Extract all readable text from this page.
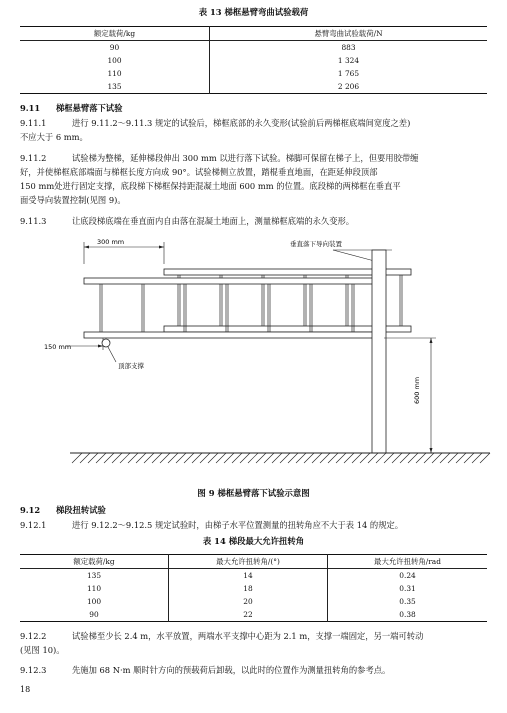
表 13 梯框悬臂弯曲试验载荷
额定载荷/kg	悬臂弯曲试验载荷/N
90	883
100	1 324
110	1 765
135	2 206
9.11 梯框悬臂落下试验
9.11.1	进行 9.11.2～9.11.3 规定的试验后，梯框底部的永久变形(试验前后两梯框底端间宽度之差)
不应大于 6 mm。
9.11.2	试验梯为整梯，延伸梯段伸出 300 mm 以进行落下试验。梯脚可保留在梯子上，但要用胶带缠
好，并使梯框底部端面与梯框长度方向成 90°。试验梯侧立放置，踏棍垂直地面，在距延伸段顶部
150 mm处进行固定支撑，底段梯下梯框保持距混凝土地面 600 mm 的位置。底段梯的两梯框在垂直平
面受导向装置控制(见图 9)。
9.11.3	让底段梯底端在垂直面内自由落在混凝土地面上，测量梯框底端的永久变形。
300 mm	垂直落下导向装置
150 mm
顶部支撑
600 mm
图 9 梯框悬臂落下试验示意图
9.12 梯段扭转试验
9.12.1	进行 9.12.2～9.12.5 规定试验时，由梯子水平位置测量的扭转角应不大于表 14 的规定。
表 14 梯段最大允许扭转角
额定载荷/kg	最大允许扭转角/(°)	最大允许扭转角/rad
135	14	0.24
110	18	0.31
100	20	0.35
90	22	0.38
9.12.2	试验梯至少长 2.4 m，水平放置，两端水平支撑中心距为 2.1 m，支撑一端固定，另一端可转动
(见图 10)。
9.12.3	先施加 68 N·m 顺时针方向的预载荷后卸载，以此时的位置作为测量扭转角的参考点。
18
